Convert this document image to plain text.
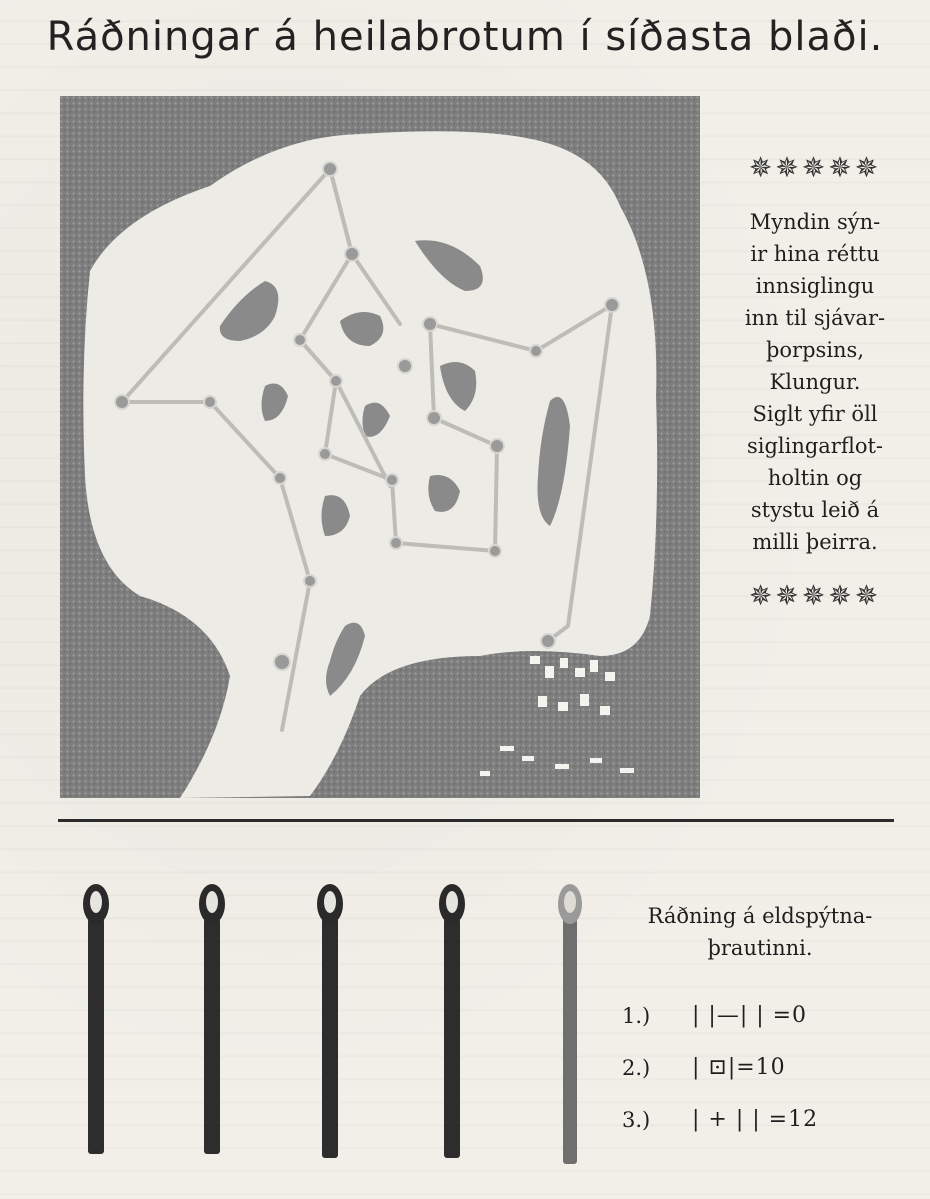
Ráðningar á heilabrotum í síðasta blaði.
✵✵✵✵✵
Myndin sýn-
ir hina réttu
innsiglingu
inn til sjávar-
þorpsins,
Klungur.
Siglt yfir öll
siglingarflot-
holtin og
stystu leið á
milli þeirra.
✵✵✵✵✵
Ráðning á eldspýtna-
þrautinni.
1.)	| |—| | =0
2.)	| ⊡|=10
3.)	| + | | =12
